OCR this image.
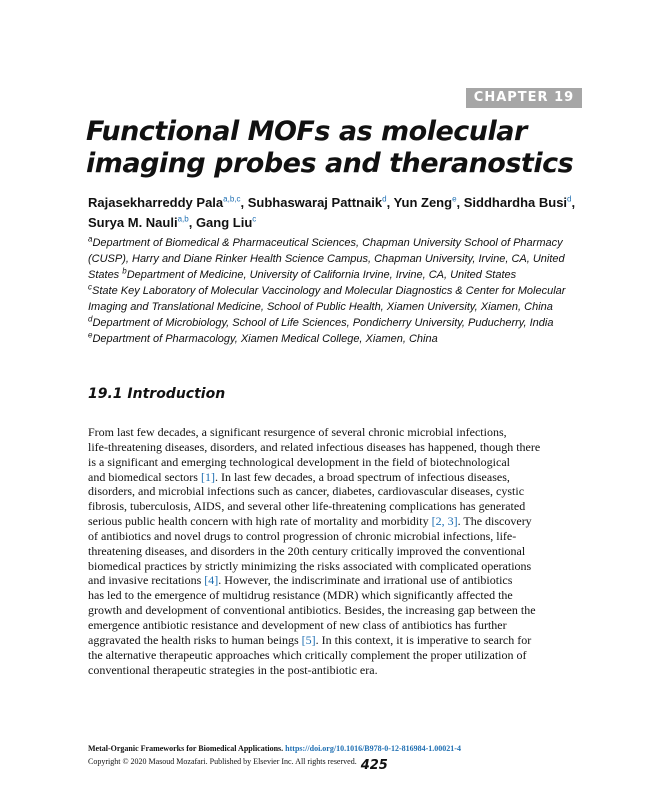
CHAPTER 19
Functional MOFs as molecular
imaging probes and theranostics
Rajasekharreddy Pala$^{a,b,c}$, Subhaswaraj Pattnaik$^d$, Yun Zeng$^e$, Siddhardha Busi$^d$,
Surya M. Nauli$^{a,b}$, Gang Liu$^c$
$^a$Department of Biomedical & Pharmaceutical Sciences, Chapman University School of Pharmacy (CUSP), Harry and Diane Rinker Health Science Campus, Chapman University, Irvine, CA, United States $^b$Department of Medicine, University of California Irvine, Irvine, CA, United States
$^c$State Key Laboratory of Molecular Vaccinology and Molecular Diagnostics & Center for Molecular Imaging and Translational Medicine, School of Public Health, Xiamen University, Xiamen, China
$^d$Department of Microbiology, School of Life Sciences, Pondicherry University, Puducherry, India
$^e$Department of Pharmacology, Xiamen Medical College, Xiamen, China
19.1 Introduction
From last few decades, a significant resurgence of several chronic microbial infections,
life-threatening diseases, disorders, and related infectious diseases has happened, though there
is a significant and emerging technological development in the field of biotechnological
and biomedical sectors [1]. In last few decades, a broad spectrum of infectious diseases,
disorders, and microbial infections such as cancer, diabetes, cardiovascular diseases, cystic
fibrosis, tuberculosis, AIDS, and several other life-threatening complications has generated
serious public health concern with high rate of mortality and morbidity [2, 3]. The discovery
of antibiotics and novel drugs to control progression of chronic microbial infections, life-
threatening diseases, and disorders in the 20th century critically improved the conventional
biomedical practices by strictly minimizing the risks associated with complicated operations
and invasive recitations [4]. However, the indiscriminate and irrational use of antibiotics
has led to the emergence of multidrug resistance (MDR) which significantly affected the
growth and development of conventional antibiotics. Besides, the increasing gap between the
emergence antibiotic resistance and development of new class of antibiotics has further
aggravated the health risks to human beings [5]. In this context, it is imperative to search for
the alternative therapeutic approaches which critically complement the proper utilization of
conventional therapeutic strategies in the post-antibiotic era.
Metal-Organic Frameworks for Biomedical Applications. https://doi.org/10.1016/B978-0-12-816984-1.00021-4
Copyright © 2020 Masoud Mozafari. Published by Elsevier Inc. All rights reserved. 425
